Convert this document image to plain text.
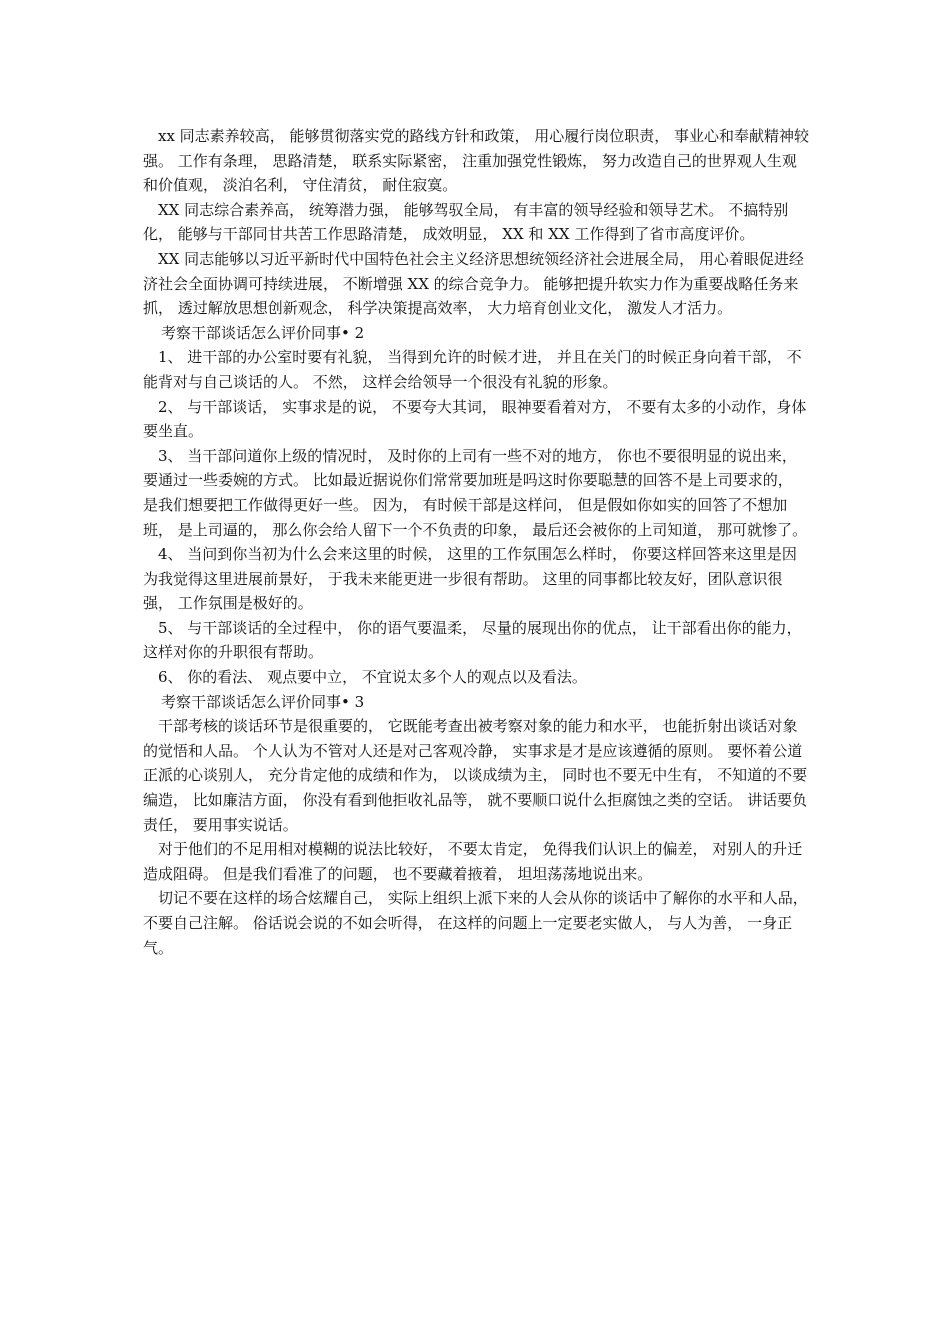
xx 同志素养较高， 能够贯彻落实党的路线方针和政策， 用心履行岗位职责， 事业心和奉献精神较强。 工作有条理， 思路清楚， 联系实际紧密， 注重加强党性锻炼， 努力改造自己的世界观人生观和价值观， 淡泊名利， 守住清贫， 耐住寂寞。

XX 同志综合素养高， 统筹潜力强， 能够驾驭全局， 有丰富的领导经验和领导艺术。 不搞特别化， 能够与干部同甘共苦工作思路清楚， 成效明显， XX 和 XX 工作得到了省市高度评价。

XX 同志能够以习近平新时代中国特色社会主义经济思想统领经济社会进展全局， 用心着眼促进经济社会全面协调可持续进展， 不断增强 XX 的综合竞争力。 能够把提升软实力作为重要战略任务来抓， 透过解放思想创新观念， 科学决策提高效率， 大力培育创业文化， 激发人才活力。

考察干部谈话怎么评价同事• 2

1、 进干部的办公室时要有礼貌， 当得到允许的时候才进， 并且在关门的时候正身向着干部， 不能背对与自己谈话的人。 不然， 这样会给领导一个很没有礼貌的形象。

2、 与干部谈话， 实事求是的说， 不要夸大其词， 眼神要看着对方， 不要有太多的小动作，身体要坐直。

3、 当干部问道你上级的情况时， 及时你的上司有一些不对的地方， 你也不要很明显的说出来， 要通过一些委婉的方式。 比如最近据说你们常常要加班是吗这时你要聪慧的回答不是上司要求的， 是我们想要把工作做得更好一些。 因为， 有时候干部是这样问， 但是假如你如实的回答了不想加班， 是上司逼的， 那么你会给人留下一个不负责的印象， 最后还会被你的上司知道， 那可就惨了。

4、 当问到你当初为什么会来这里的时候， 这里的工作氛围怎么样时， 你要这样回答来这里是因为我觉得这里进展前景好， 于我未来能更进一步很有帮助。 这里的同事都比较友好，团队意识很强， 工作氛围是极好的。

5、 与干部谈话的全过程中， 你的语气要温柔， 尽量的展现出你的优点， 让干部看出你的能力， 这样对你的升职很有帮助。

6、 你的看法、 观点要中立， 不宜说太多个人的观点以及看法。

考察干部谈话怎么评价同事• 3

干部考核的谈话环节是很重要的， 它既能考查出被考察对象的能力和水平， 也能折射出谈话对象的觉悟和人品。 个人认为不管对人还是对己客观冷静， 实事求是才是应该遵循的原则。 要怀着公道正派的心谈别人， 充分肯定他的成绩和作为， 以谈成绩为主， 同时也不要无中生有， 不知道的不要编造， 比如廉洁方面， 你没有看到他拒收礼品等， 就不要顺口说什么拒腐蚀之类的空话。 讲话要负责任， 要用事实说话。

对于他们的不足用相对模糊的说法比较好， 不要太肯定， 免得我们认识上的偏差， 对别人的升迁造成阻碍。 但是我们看准了的问题， 也不要藏着掖着， 坦坦荡荡地说出来。

切记不要在这样的场合炫耀自己， 实际上组织上派下来的人会从你的谈话中了解你的水平和人品， 不要自己注解。 俗话说会说的不如会听得， 在这样的问题上一定要老实做人， 与人为善， 一身正气。
